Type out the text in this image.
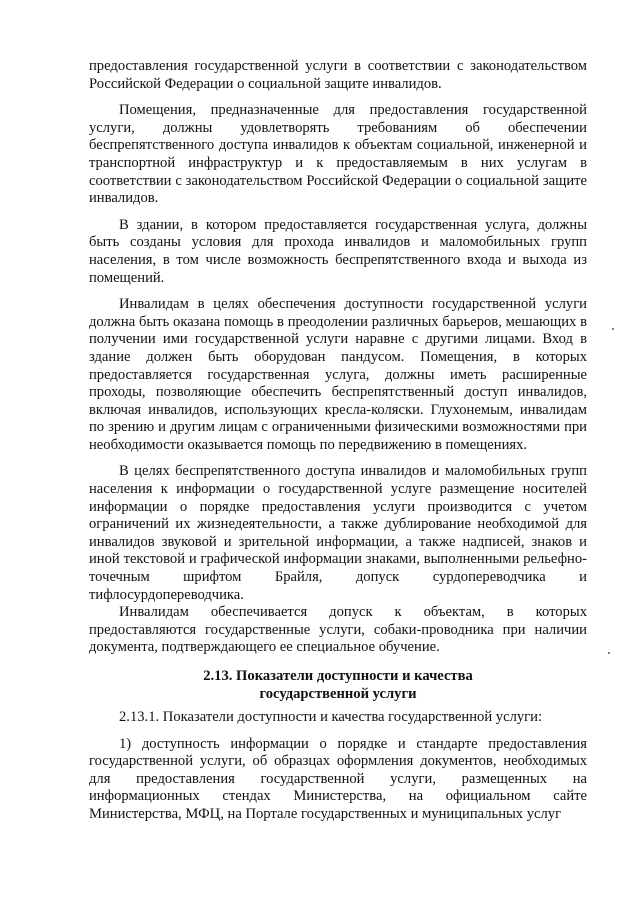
предоставления государственной услуги в соответствии с законодательством Российской Федерации о социальной защите инвалидов.

Помещения, предназначенные для предоставления государственной услуги, должны удовлетворять требованиям об обеспечении беспрепятственного доступа инвалидов к объектам социальной, инженерной и транспортной инфраструктур и к предоставляемым в них услугам в соответствии с законодательством Российской Федерации о социальной защите инвалидов.

В здании, в котором предоставляется государственная услуга, должны быть созданы условия для прохода инвалидов и маломобильных групп населения, в том числе возможность беспрепятственного входа и выхода из помещений.

Инвалидам в целях обеспечения доступности государственной услуги должна быть оказана помощь в преодолении различных барьеров, мешающих в получении ими государственной услуги наравне с другими лицами. Вход в здание должен быть оборудован пандусом. Помещения, в которых предоставляется государственная услуга, должны иметь расширенные проходы, позволяющие обеспечить беспрепятственный доступ инвалидов, включая инвалидов, использующих кресла-коляски. Глухонемым, инвалидам по зрению и другим лицам с ограниченными физическими возможностями при необходимости оказывается помощь по передвижению в помещениях.

В целях беспрепятственного доступа инвалидов и маломобильных групп населения к информации о государственной услуге размещение носителей информации о порядке предоставления услуги производится с учетом ограничений их жизнедеятельности, а также дублирование необходимой для инвалидов звуковой и зрительной информации, а также надписей, знаков и иной текстовой и графической информации знаками, выполненными рельефно-точечным шрифтом Брайля, допуск сурдопереводчика и тифлосурдопереводчика.

Инвалидам обеспечивается допуск к объектам, в которых предоставляются государственные услуги, собаки-проводника при наличии документа, подтверждающего ее специальное обучение.

2.13. Показатели доступности и качества
государственной услуги

2.13.1. Показатели доступности и качества государственной услуги:

1) доступность информации о порядке и стандарте предоставления государственной услуги, об образцах оформления документов, необходимых для предоставления государственной услуги, размещенных на информационных стендах Министерства, на официальном сайте Министерства, МФЦ, на Портале государственных и муниципальных услуг
